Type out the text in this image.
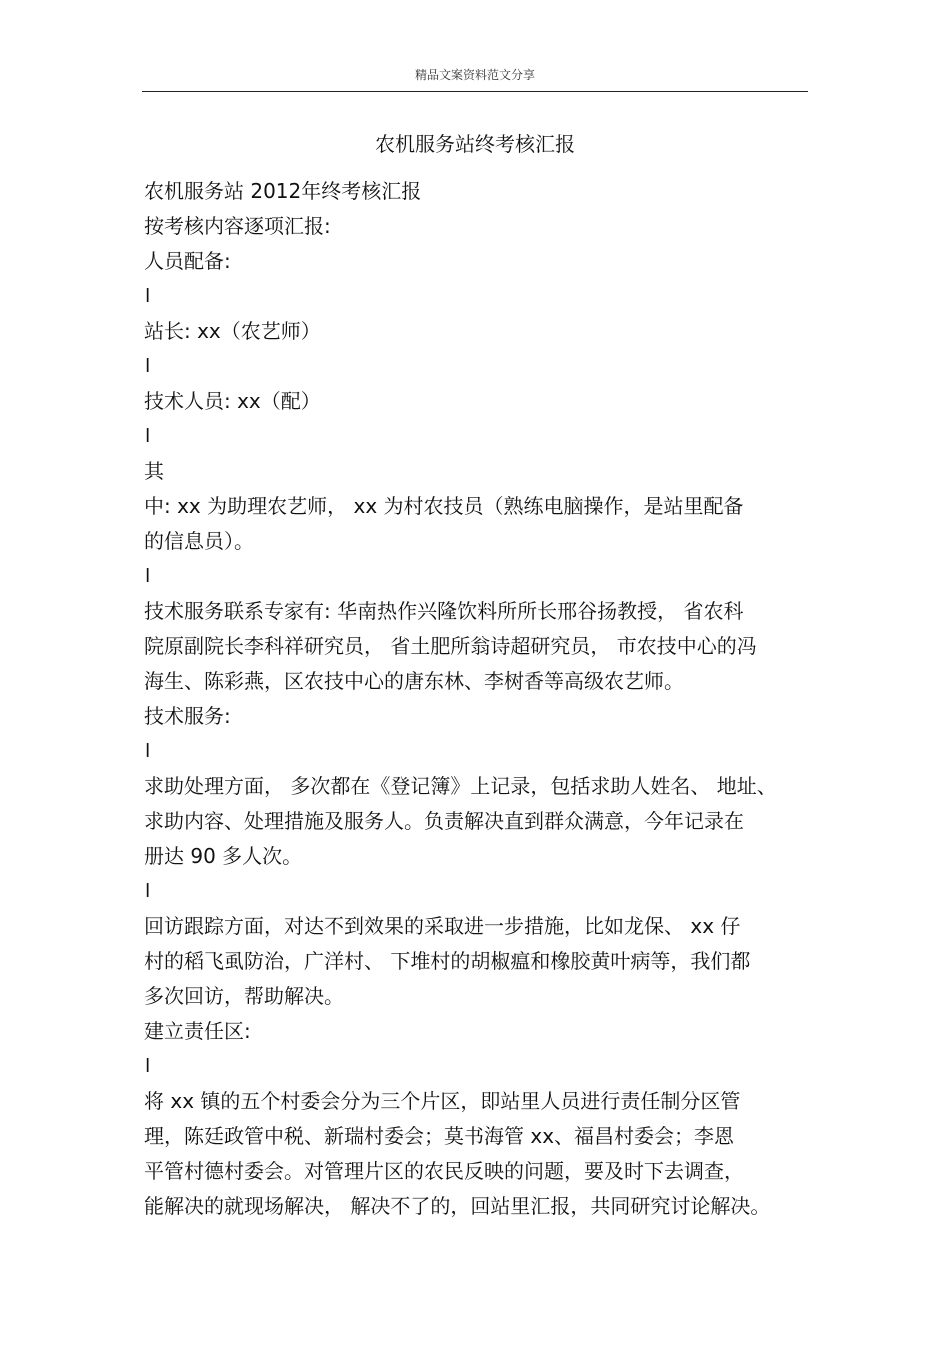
精品文案资料范文分享
农机服务站终考核汇报
农机服务站 2012年终考核汇报
按考核内容逐项汇报:
人员配备:
l
站长: xx（农艺师）
l
技术人员: xx（配）
l
其
中: xx 为助理农艺师， xx 为村农技员（熟练电脑操作，是站里配备
的信息员）。
l
技术服务联系专家有: 华南热作兴隆饮料所所长邢谷扬教授， 省农科
院原副院长李科祥研究员， 省土肥所翁诗超研究员， 市农技中心的冯
海生、陈彩燕，区农技中心的唐东林、李树香等高级农艺师。
技术服务:
l
求助处理方面， 多次都在《登记簿》上记录，包括求助人姓名、 地址、
求助内容、处理措施及服务人。负责解决直到群众满意，今年记录在
册达 90 多人次。
l
回访跟踪方面，对达不到效果的采取进一步措施，比如龙保、 xx 仔
村的稻飞虱防治，广洋村、 下堆村的胡椒瘟和橡胶黄叶病等，我们都
多次回访，帮助解决。
建立责任区:
l
将 xx 镇的五个村委会分为三个片区，即站里人员进行责任制分区管
理，陈廷政管中税、新瑞村委会；莫书海管 xx、福昌村委会；李恩
平管村德村委会。对管理片区的农民反映的问题，要及时下去调查，
能解决的就现场解决， 解决不了的，回站里汇报，共同研究讨论解决。
